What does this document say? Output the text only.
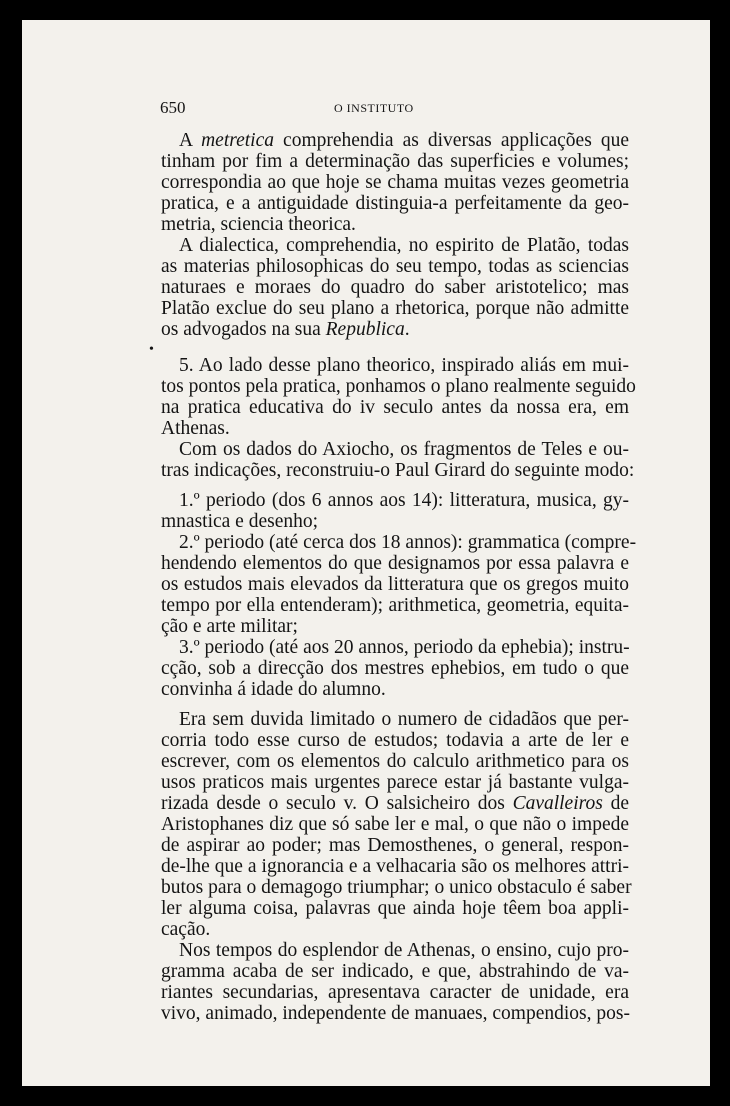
650	O INSTITUTO
•
A metretica comprehendia as diversas applicações que
tinham por fim a determinação das superficies e volumes;
correspondia ao que hoje se chama muitas vezes geometria
pratica, e a antiguidade distinguia-a perfeitamente da geo-
metria, sciencia theorica.
A dialectica, comprehendia, no espirito de Platão, todas
as materias philosophicas do seu tempo, todas as sciencias
naturaes e moraes do quadro do saber aristotelico; mas
Platão exclue do seu plano a rhetorica, porque não admitte
os advogados na sua Republica.
5. Ao lado desse plano theorico, inspirado aliás em mui-
tos pontos pela pratica, ponhamos o plano realmente seguido
na pratica educativa do iv seculo antes da nossa era, em
Athenas.
Com os dados do Axiocho, os fragmentos de Teles e ou-
tras indicações, reconstruiu-o Paul Girard do seguinte modo:
1.º periodo (dos 6 annos aos 14): litteratura, musica, gy-
mnastica e desenho;
2.º periodo (até cerca dos 18 annos): grammatica (compre-
hendendo elementos do que designamos por essa palavra e
os estudos mais elevados da litteratura que os gregos muito
tempo por ella entenderam); arithmetica, geometria, equita-
ção e arte militar;
3.º periodo (até aos 20 annos, periodo da ephebia); instru-
cção, sob a direcção dos mestres ephebios, em tudo o que
convinha á idade do alumno.
Era sem duvida limitado o numero de cidadãos que per-
corria todo esse curso de estudos; todavia a arte de ler e
escrever, com os elementos do calculo arithmetico para os
usos praticos mais urgentes parece estar já bastante vulga-
rizada desde o seculo v. O salsicheiro dos Cavalleiros de
Aristophanes diz que só sabe ler e mal, o que não o impede
de aspirar ao poder; mas Demosthenes, o general, respon-
de-lhe que a ignorancia e a velhacaria são os melhores attri-
butos para o demagogo triumphar; o unico obstaculo é saber
ler alguma coisa, palavras que ainda hoje têem boa appli-
cação.
Nos tempos do esplendor de Athenas, o ensino, cujo pro-
gramma acaba de ser indicado, e que, abstrahindo de va-
riantes secundarias, apresentava caracter de unidade, era
vivo, animado, independente de manuaes, compendios, pos-
